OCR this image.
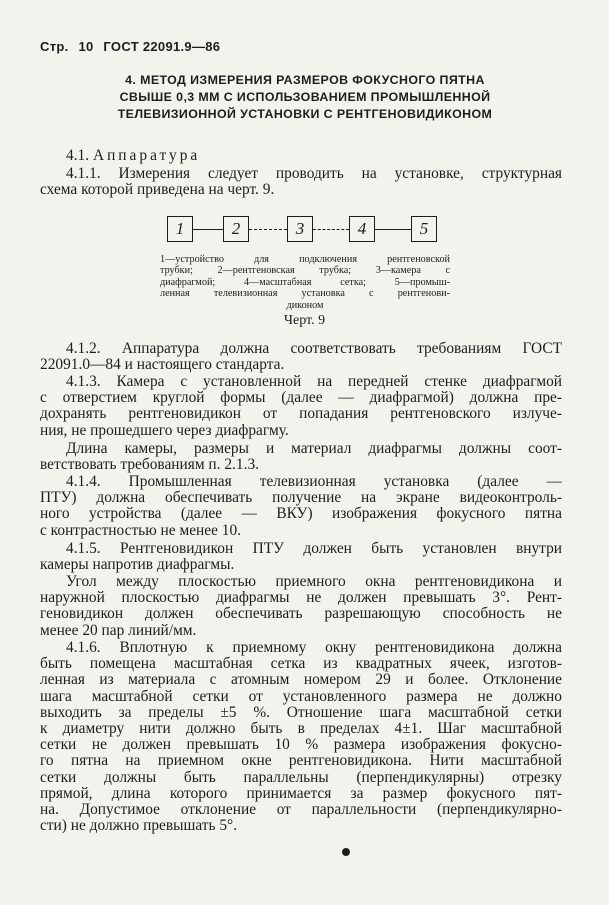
Стр. 10 ГОСТ 22091.9—86
4. МЕТОД ИЗМЕРЕНИЯ РАЗМЕРОВ ФОКУСНОГО ПЯТНА
СВЫШЕ 0,3 ММ С ИСПОЛЬЗОВАНИЕМ ПРОМЫШЛЕННОЙ
ТЕЛЕВИЗИОННОЙ УСТАНОВКИ С РЕНТГЕНОВИДИКОНОМ
4.1. Аппаратура
4.1.1. Измерения следует проводить на установке, структурная
схема которой приведена на черт. 9.
1	2	3	4	5
1—устройство для подключения рентгеновской
трубки; 2—рентгеновская трубка; 3—камера с
диафрагмой; 4—масштабная сетка; 5—промыш-
ленная телевизионная установка с рентгенови-
диконом
Черт. 9
4.1.2. Аппаратура должна соответствовать требованиям ГОСТ
22091.0—84 и настоящего стандарта.
4.1.3. Камера с установленной на передней стенке диафрагмой
с отверстием круглой формы (далее — диафрагмой) должна пре-
дохранять рентгеновидикон от попадания рентгеновского излуче-
ния, не прошедшего через диафрагму.
Длина камеры, размеры и материал диафрагмы должны соот-
ветствовать требованиям п. 2.1.3.
4.1.4. Промышленная телевизионная установка (далее —
ПТУ) должна обеспечивать получение на экране видеоконтроль-
ного устройства (далее — ВКУ) изображения фокусного пятна
с контрастностью не менее 10.
4.1.5. Рентгеновидикон ПТУ должен быть установлен внутри
камеры напротив диафрагмы.
Угол между плоскостью приемного окна рентгеновидикона и
наружной плоскостью диафрагмы не должен превышать 3°. Рент-
геновидикон должен обеспечивать разрешающую способность не
менее 20 пар линий/мм.
4.1.6. Вплотную к приемному окну рентгеновидикона должна
быть помещена масштабная сетка из квадратных ячеек, изготов-
ленная из материала с атомным номером 29 и более. Отклонение
шага масштабной сетки от установленного размера не должно
выходить за пределы ±5 %. Отношение шага масштабной сетки
к диаметру нити должно быть в пределах 4±1. Шаг масштабной
сетки не должен превышать 10 % размера изображения фокусно-
го пятна на приемном окне рентгеновидикона. Нити масштабной
сетки должны быть параллельны (перпендикулярны) отрезку
прямой, длина которого принимается за размер фокусного пят-
на. Допустимое отклонение от параллельности (перпендикулярно-
сти) не должно превышать 5°.
